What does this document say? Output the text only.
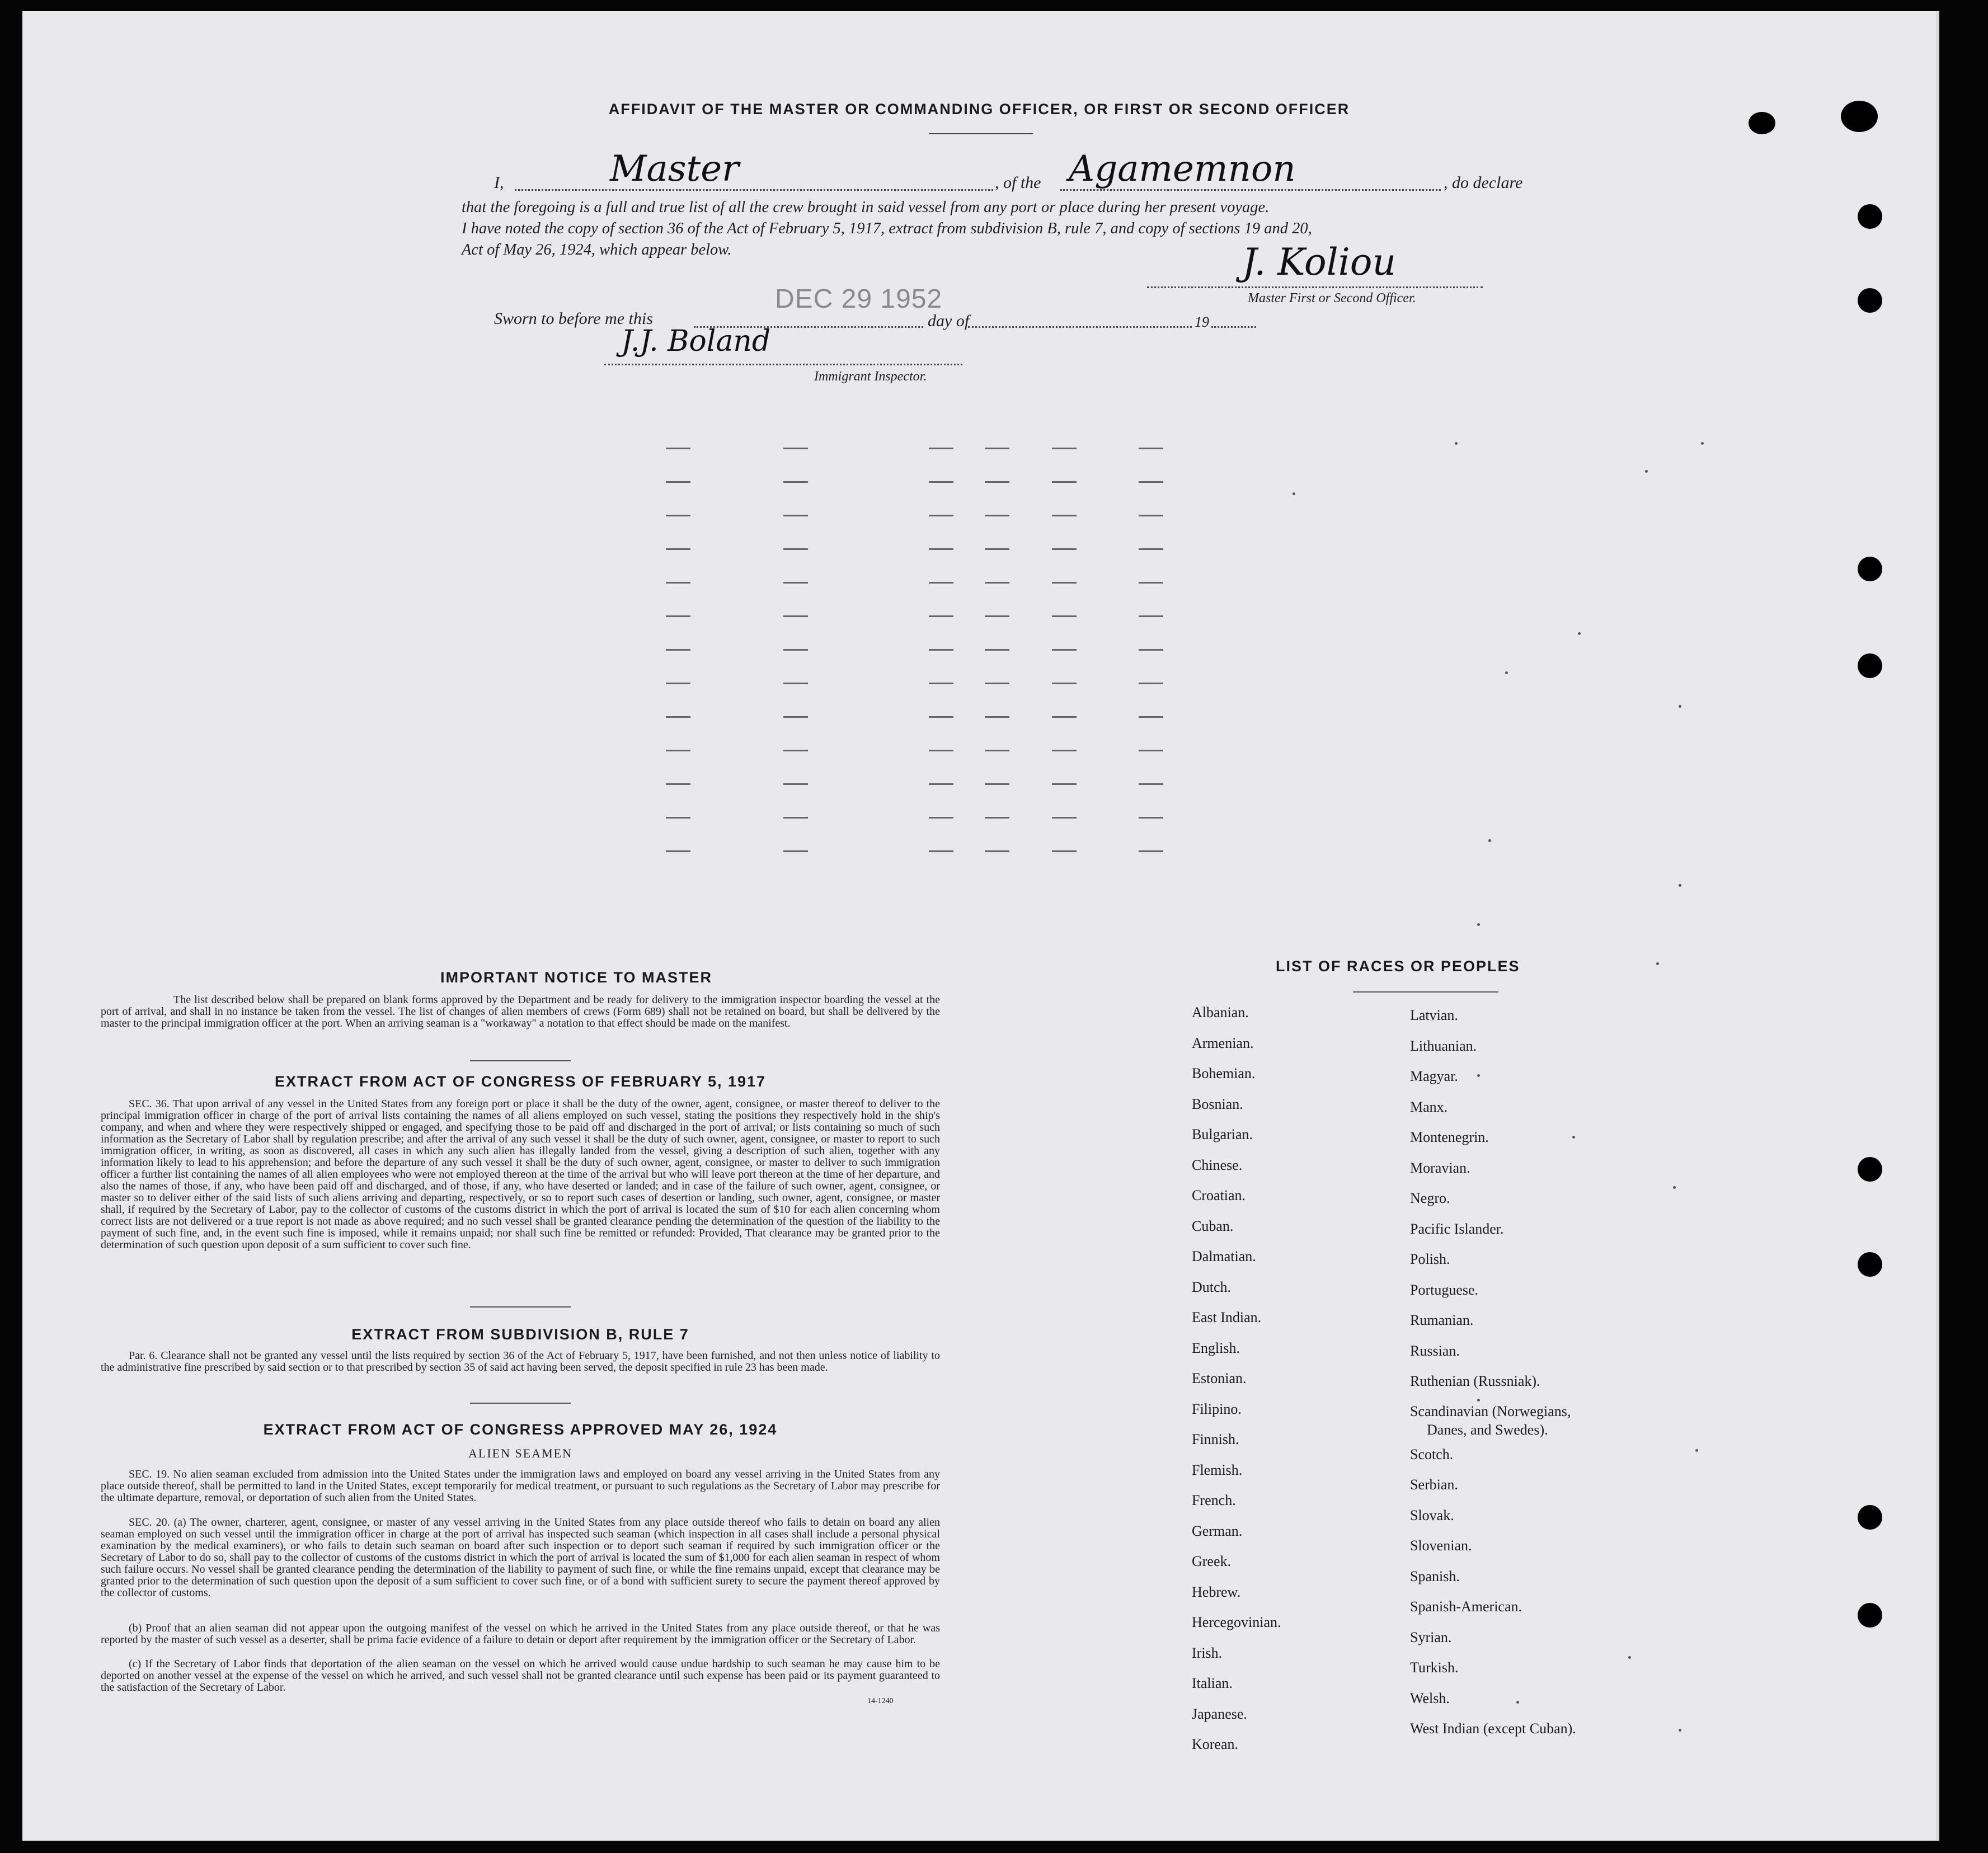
AFFIDAVIT OF THE MASTER OR COMMANDING OFFICER, OR FIRST OR SECOND OFFICER
I,	Master	, of the Agamemnon	, do declare
that the foregoing is a full and true list of all the crew brought in said vessel from any port or place during her present voyage.
I have noted the copy of section 36 of the Act of February 5, 1917, extract from subdivision B, rule 7, and copy of sections 19 and 20,
Act of May 26, 1924, which appear below.
DEC 29 1952
J. Koliou
Master First or Second Officer.
Sworn to before me this	day of	19
J.J. Boland
Immigrant Inspector.
IMPORTANT NOTICE TO MASTER
The list described below shall be prepared on blank forms approved by the Department and be ready for delivery to the immigration inspector boarding the vessel at the port of arrival, and shall in no instance be taken from the vessel. The list of changes of alien members of crews (Form 689) shall not be retained on board, but shall be delivered by the master to the principal immigration officer at the port. When an arriving seaman is a "workaway" a notation to that effect should be made on the manifest.
EXTRACT FROM ACT OF CONGRESS OF FEBRUARY 5, 1917
SEC. 36. That upon arrival of any vessel in the United States from any foreign port or place it shall be the duty of the owner, agent, consignee, or master thereof to deliver to the principal immigration officer in charge of the port of arrival lists containing the names of all aliens employed on such vessel, stating the positions they respectively hold in the ship's company, and when and where they were respectively shipped or engaged, and specifying those to be paid off and discharged in the port of arrival; or lists containing so much of such information as the Secretary of Labor shall by regulation prescribe; and after the arrival of any such vessel it shall be the duty of such owner, agent, consignee, or master to report to such immigration officer, in writing, as soon as discovered, all cases in which any such alien has illegally landed from the vessel, giving a description of such alien, together with any information likely to lead to his apprehension; and before the departure of any such vessel it shall be the duty of such owner, agent, consignee, or master to deliver to such immigration officer a further list containing the names of all alien employees who were not employed thereon at the time of the arrival but who will leave port thereon at the time of her departure, and also the names of those, if any, who have been paid off and discharged, and of those, if any, who have deserted or landed; and in case of the failure of such owner, agent, consignee, or master so to deliver either of the said lists of such aliens arriving and departing, respectively, or so to report such cases of desertion or landing, such owner, agent, consignee, or master shall, if required by the Secretary of Labor, pay to the collector of customs of the customs district in which the port of arrival is located the sum of $10 for each alien concerning whom correct lists are not delivered or a true report is not made as above required; and no such vessel shall be granted clearance pending the determination of the question of the liability to the payment of such fine, and, in the event such fine is imposed, while it remains unpaid; nor shall such fine be remitted or refunded: Provided, That clearance may be granted prior to the determination of such question upon deposit of a sum sufficient to cover such fine.
EXTRACT FROM SUBDIVISION B, RULE 7
Par. 6. Clearance shall not be granted any vessel until the lists required by section 36 of the Act of February 5, 1917, have been furnished, and not then unless notice of liability to the administrative fine prescribed by said section or to that prescribed by section 35 of said act having been served, the deposit specified in rule 23 has been made.
EXTRACT FROM ACT OF CONGRESS APPROVED MAY 26, 1924
ALIEN SEAMEN
SEC. 19. No alien seaman excluded from admission into the United States under the immigration laws and employed on board any vessel arriving in the United States from any place outside thereof, shall be permitted to land in the United States, except temporarily for medical treatment, or pursuant to such regulations as the Secretary of Labor may prescribe for the ultimate departure, removal, or deportation of such alien from the United States.
SEC. 20. (a) The owner, charterer, agent, consignee, or master of any vessel arriving in the United States from any place outside thereof who fails to detain on board any alien seaman employed on such vessel until the immigration officer in charge at the port of arrival has inspected such seaman (which inspection in all cases shall include a personal physical examination by the medical examiners), or who fails to detain such seaman on board after such inspection or to deport such seaman if required by such immigration officer or the Secretary of Labor to do so, shall pay to the collector of customs of the customs district in which the port of arrival is located the sum of $1,000 for each alien seaman in respect of whom such failure occurs. No vessel shall be granted clearance pending the determination of the liability to payment of such fine, or while the fine remains unpaid, except that clearance may be granted prior to the determination of such question upon the deposit of a sum sufficient to cover such fine, or of a bond with sufficient surety to secure the payment thereof approved by the collector of customs.
(b) Proof that an alien seaman did not appear upon the outgoing manifest of the vessel on which he arrived in the United States from any place outside thereof, or that he was reported by the master of such vessel as a deserter, shall be prima facie evidence of a failure to detain or deport after requirement by the immigration officer or the Secretary of Labor.
(c) If the Secretary of Labor finds that deportation of the alien seaman on the vessel on which he arrived would cause undue hardship to such seaman he may cause him to be deported on another vessel at the expense of the vessel on which he arrived, and such vessel shall not be granted clearance until such expense has been paid or its payment guaranteed to the satisfaction of the Secretary of Labor.
14-1240
LIST OF RACES OR PEOPLES
Albanian.
Armenian.
Bohemian.
Bosnian.
Bulgarian.
Chinese.
Croatian.
Cuban.
Dalmatian.
Dutch.
East Indian.
English.
Estonian.
Filipino.
Finnish.
Flemish.
French.
German.
Greek.
Hebrew.
Hercegovinian.
Irish.
Italian.
Japanese.
Korean.
Latvian.
Lithuanian.
Magyar.
Manx.
Montenegrin.
Moravian.
Negro.
Pacific Islander.
Polish.
Portuguese.
Rumanian.
Russian.
Ruthenian (Russniak).
Scandinavian (Norwegians,
Danes, and Swedes).
Scotch.
Serbian.
Slovak.
Slovenian.
Spanish.
Spanish-American.
Syrian.
Turkish.
Welsh.
West Indian (except Cuban).
